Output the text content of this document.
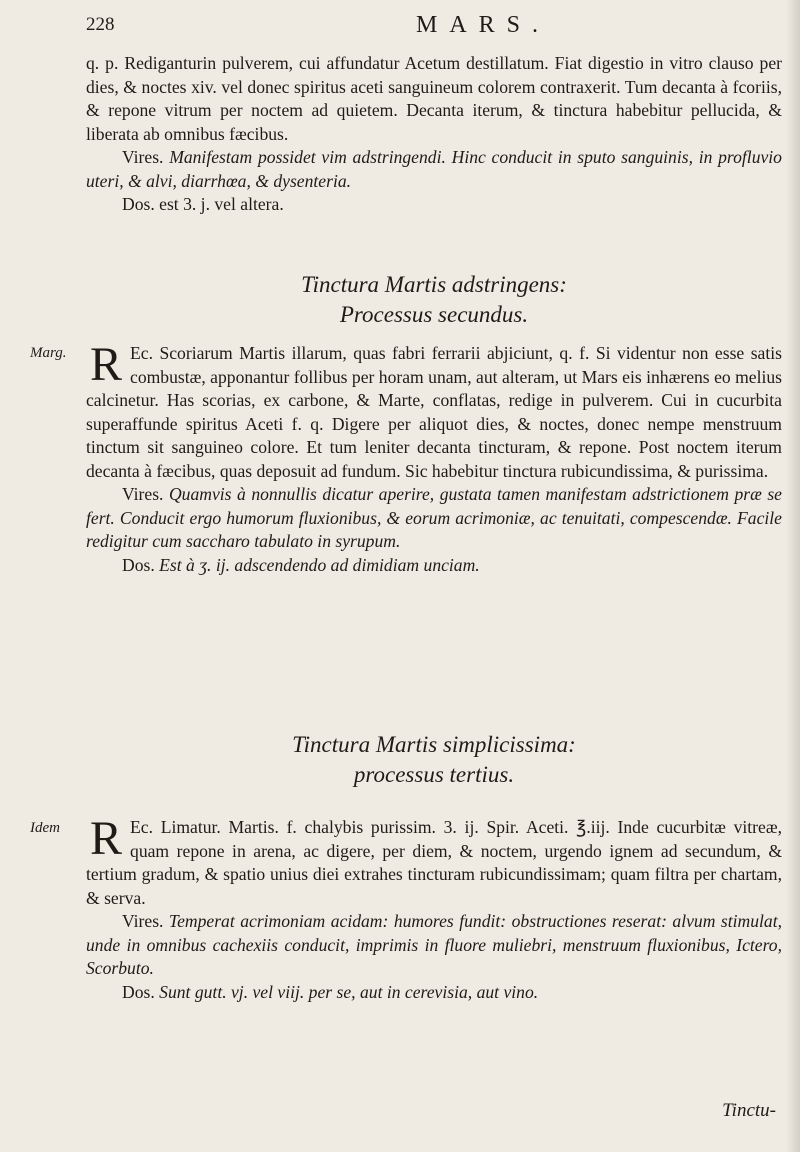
228	MARS.

q. p. Rediganturin pulverem, cui affundatur Acetum destillatum. Fiat digestio in vitro clauso per dies, & noctes xiv. vel donec spiritus aceti sanguineum colorem contraxerit. Tum decanta à fcoriis, & repone vitrum per noctem ad quietem. Decanta iterum, & tinctura habebitur pellucida, & liberata ab omnibus fæcibus.

Vires. Manifestam possidet vim adstringendi. Hinc conducit in sputo sanguinis, in profluvio uteri, & alvi, diarrhœa, & dysenteria.

Dos. est 3. j. vel altera.

Tinctura Martis adstringens:

Processus secundus.

Marg. R Ec. Scoriarum Martis illarum, quas fabri ferrarii abjiciunt, q. f. Si videntur non esse satis combustæ, apponantur follibus per horam unam, aut alteram, ut Mars eis inhærens eo melius calcinetur. Has scorias, ex carbone, & Marte, conflatas, redige in pulverem. Cui in cucurbita superaffunde spiritus Aceti f. q. Digere per aliquot dies, & noctes, donec nempe menstruum tinctum sit sanguineo colore. Et tum leniter decanta tincturam, & repone. Post noctem iterum decanta à fæcibus, quas deposuit ad fundum. Sic habebitur tinctura rubicundissima, & purissima.

Vires. Quamvis à nonnullis dicatur aperire, gustata tamen manifestam adstrictionem præ se fert. Conducit ergo humorum fluxionibus, & eorum acrimoniæ, ac tenuitati, compescendæ. Facile redigitur cum saccharo tabulato in syrupum.

Dos. Est à ʒ. ij. adscendendo ad dimidiam unciam.

Tinctura Martis simplicissima:

processus tertius.

Idem R Ec. Limatur. Martis. f. chalybis purissim. 3. ij. Spir. Aceti. ℥.iij. Inde cucurbitæ vitreæ, quam repone in arena, ac digere, per diem, & noctem, urgendo ignem ad secundum, & tertium gradum, & spatio unius diei extrahes tincturam rubicundissimam; quam filtra per chartam, & serva.

Vires. Temperat acrimoniam acidam: humores fundit: obstructiones reserat: alvum stimulat, unde in omnibus cachexiis conducit, imprimis in fluore muliebri, menstruum fluxionibus, Ictero, Scorbuto.

Dos. Sunt gutt. vj. vel viij. per se, aut in cerevisia, aut vino.

Tinctu-
